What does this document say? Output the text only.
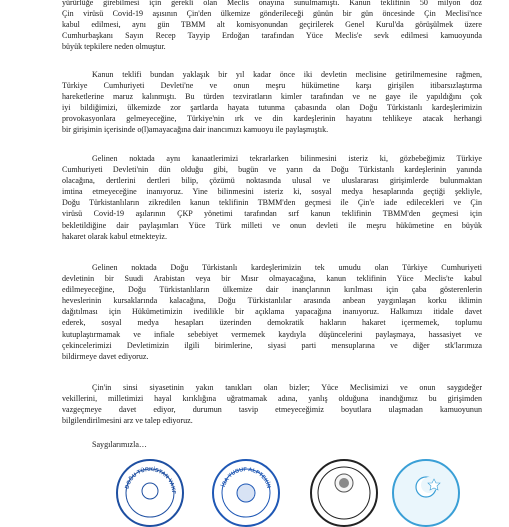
yürürlüğe girebilmesi için gerekli olan Meclis onayına sunulmamıştı. Kanun teklifinin 50 milyon doz
Çin virüsü Covid-19 aşısının Çin'den ülkemize gönderileceği günün bir gün öncesinde Çin Meclisi'nce
kabul edilmesi, aynı gün TBMM alt komisyonundan geçirilerek Genel Kurul'da görüşülmek üzere
Cumhurbaşkanı Sayın Recep Tayyip Erdoğan tarafından Yüce Meclis'e sevk edilmesi kamuoyunda
büyük tepkilere neden olmuştur.

Kanun teklifi bundan yaklaşık bir yıl kadar önce iki devletin meclisine getirilmemesine rağmen,
Türkiye Cumhuriyeti Devleti'ne ve onun meşru hükümetine karşı girişilen itibarsızlaştırma
hareketlerine maruz kalınmıştı. Bu türden tezviratların kimler tarafından ve ne gaye ile yapıldığını çok
iyi bildiğimizi, ülkemizde zor şartlarda hayata tutunma çabasında olan Doğu Türkistanlı kardeşlerimizin
provokasyonlara gelmeyeceğine, Türkiye'nin ırk ve din kardeşlerinin hayatını tehlikeye atacak herhangi
bir girişimin içerisinde o(l)amayacağına dair inancımızı kamuoyu ile paylaşmıştık.

Gelinen noktada aynı kanaatlerimizi tekrarlarken bilinmesini isteriz ki, gözbebeğimiz Türkiye
Cumhuriyeti Devleti'nin dün olduğu gibi, bugün ve yarın da Doğu Türkistanlı kardeşlerinin yanında
olacağına, dertlerini dertleri bilip, çözümü noktasında ulusal ve uluslararası girişimlerde bulunmaktan
imtina etmeyeceğine inanıyoruz. Yine bilinmesini isteriz ki, sosyal medya hesaplarında geçtiği şekliyle,
Doğu Türkistanlıların zikredilen kanun teklifinin TBMM'den geçmesi ile Çin'e iade edilecekleri ve Çin
virüsü Covid-19 aşılarının ÇKP yönetimi tarafından sırf kanun teklifinin TBMM'den geçmesi için
bekletildiğine dair paylaşımları Yüce Türk milleti ve onun devleti ile meşru hükümetine en büyük
hakaret olarak kabul etmekteyiz.

Gelinen noktada Doğu Türkistanlı kardeşlerimizin tek umudu olan Türkiye Cumhuriyeti
devletinin bir Suudi Arabistan veya bir Mısır olmayacağına, kanun teklifinin Yüce Meclis'te kabul
edilmeyeceğine, Doğu Türkistanlıların ülkemize dair inançlarının kırılması için çaba gösterenlerin
heveslerinin kursaklarında kalacağına, Doğu Türkistanlılar arasında anbean yaygınlaşan korku iklimin
dağıtılması için Hükümetimizin ivedilikle bir açıklama yapacağına inanıyoruz. Halkımızı itidale davet
ederek, sosyal medya hesapları üzerinden demokratik hakların hakaret içermemek, toplumu
kutuplaştırmamak ve infiale sebebiyet vermemek kaydıyla düşüncelerini paylaşmaya, hassasiyet ve
çekincelerimizi Devletimizin ilgili birimlerine, siyasi parti mensuplarına ve diğer stk'larımıza
bildirmeye davet ediyoruz.

Çin'in sinsi siyasetinin yakın tanıkları olan bizler; Yüce Meclisimizi ve onun saygıdeğer
vekillerini, milletimizi hayal kırıklığına uğratmamak adına, yanlış olduğuna inandığımız bu girişimden
vazgeçmeye davet ediyor, durumun tasvip etmeyeceğimiz boyutlara ulaşmadan kamuoyunun
bilgilendirilmesini arz ve talep ediyoruz.

Saygılarımızla…
DOĞU TÜRKİSTAN VAKF
İSA YUSUF ALPTEKİN
